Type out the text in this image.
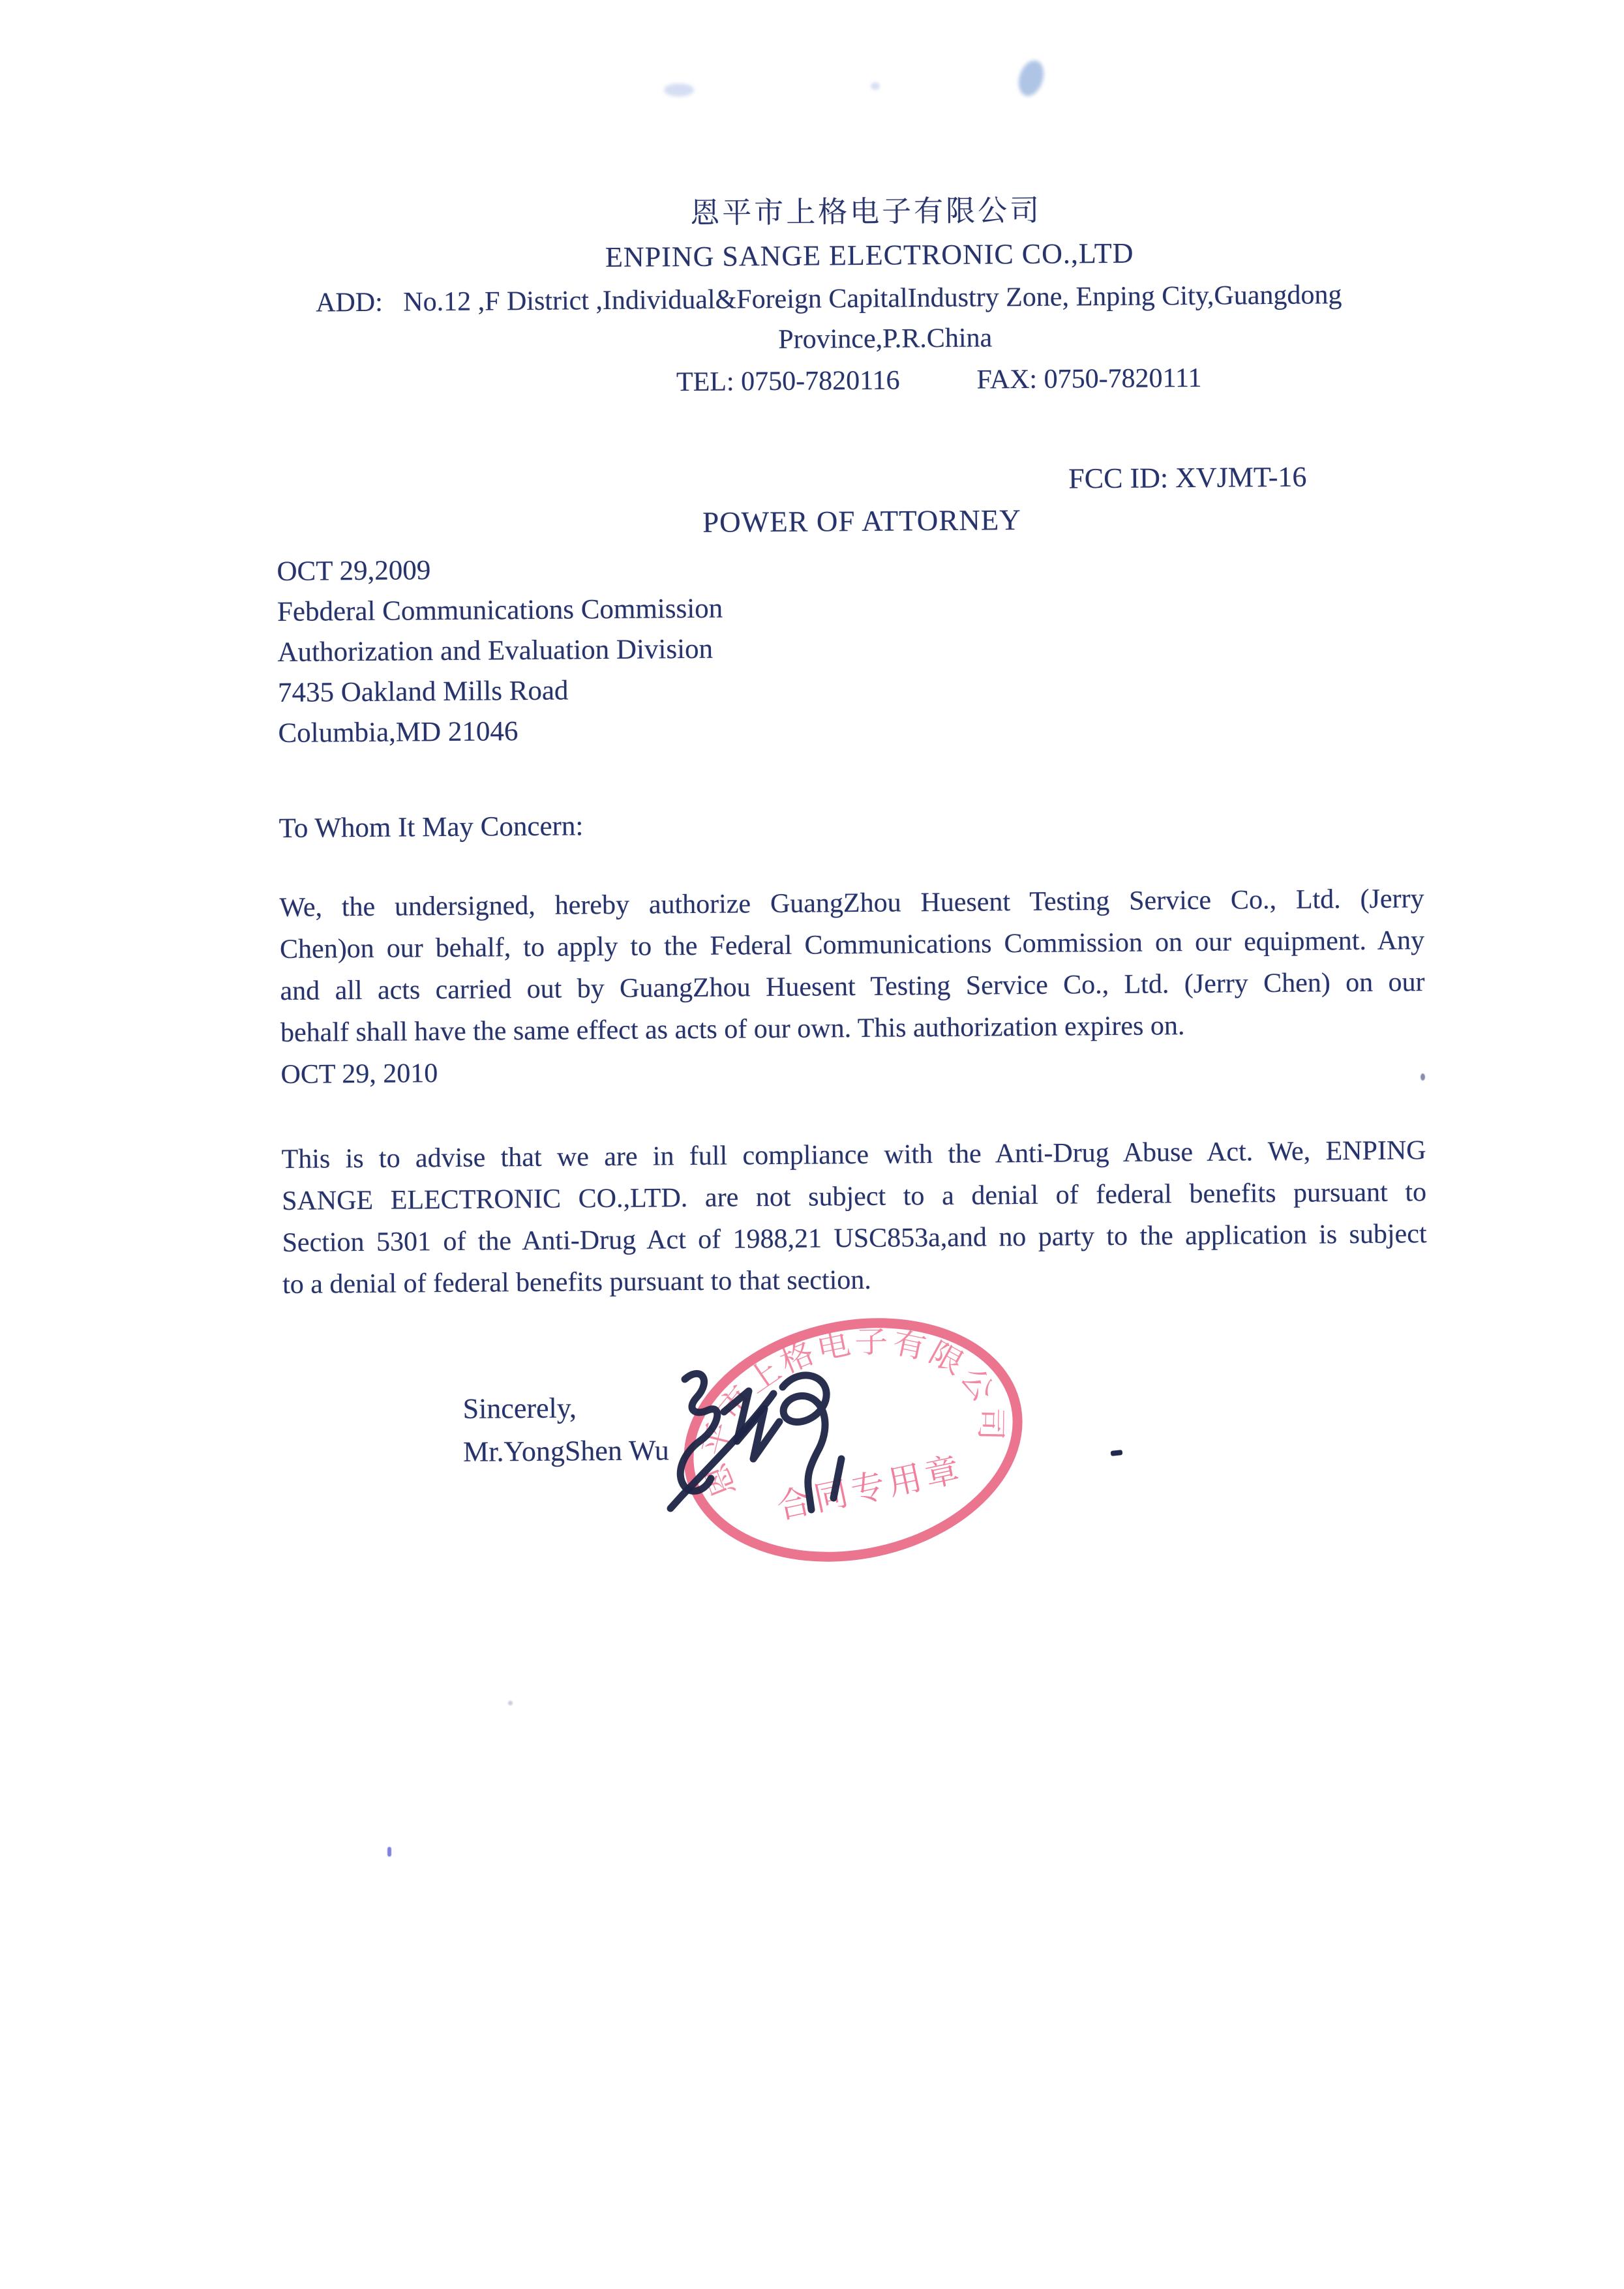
恩平市上格电子有限公司
ENPING SANGE ELECTRONIC CO.,LTD
ADD:   No.12 ,F District ,Individual&Foreign CapitalIndustry Zone, Enping City,Guangdong
Province,P.R.China
TEL: 0750-7820116	FAX: 0750-7820111
FCC ID: XVJMT-16
POWER OF ATTORNEY
OCT 29,2009
Febderal Communications Commission
Authorization and Evaluation Division
7435 Oakland Mills Road
Columbia,MD 21046
To Whom It May Concern:
We, the undersigned, hereby authorize GuangZhou Huesent Testing Service Co., Ltd. (Jerry
Chen)on our behalf, to apply to the Federal Communications Commission on our equipment. Any
and all acts carried out by GuangZhou Huesent Testing Service Co., Ltd. (Jerry Chen) on our
behalf shall have the same effect as acts of our own. This authorization expires on.
OCT 29, 2010
This is to advise that we are in full compliance with the Anti-Drug Abuse Act. We, ENPING
SANGE ELECTRONIC CO.,LTD. are not subject to a denial of federal benefits pursuant to
Section 5301 of the Anti-Drug Act of 1988,21 USC853a,and no party to the application is subject
to a denial of federal benefits pursuant to that section.
Sincerely,
Mr.YongShen Wu
恩平市上格电子有限公司
合同专用章
